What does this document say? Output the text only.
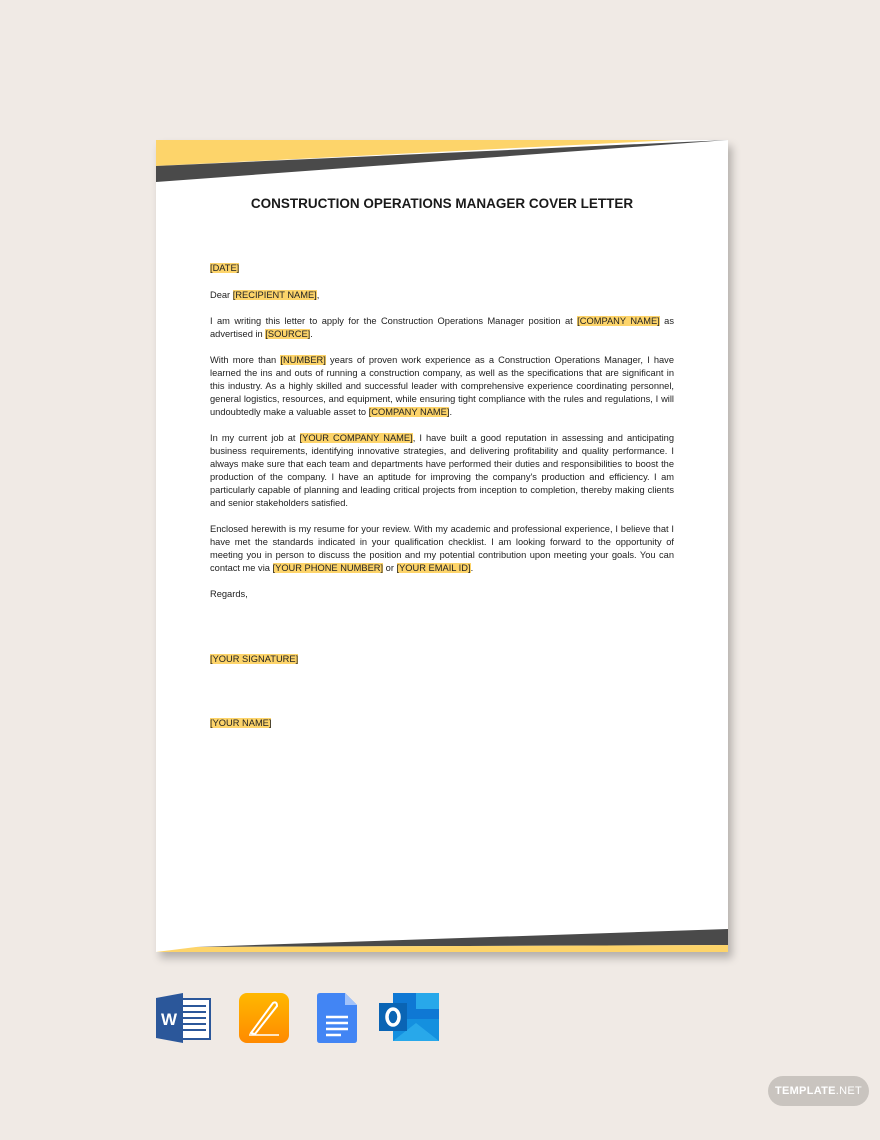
CONSTRUCTION OPERATIONS MANAGER COVER LETTER

[DATE]

Dear [RECIPIENT NAME],

I am writing this letter to apply for the Construction Operations Manager position at [COMPANY NAME] as advertised in [SOURCE].

With more than [NUMBER] years of proven work experience as a Construction Operations Manager, I have learned the ins and outs of running a construction company, as well as the specifications that are significant in this industry. As a highly skilled and successful leader with comprehensive experience coordinating personnel, general logistics, resources, and equipment, while ensuring tight compliance with the rules and regulations, I will undoubtedly make a valuable asset to [COMPANY NAME].

In my current job at [YOUR COMPANY NAME], I have built a good reputation in assessing and anticipating business requirements, identifying innovative strategies, and delivering profitability and quality performance. I always make sure that each team and departments have performed their duties and responsibilities to boost the production of the company. I have an aptitude for improving the company's production and efficiency. I am particularly capable of planning and leading critical projects from inception to completion, thereby making clients and senior stakeholders satisfied.

Enclosed herewith is my resume for your review. With my academic and professional experience, I believe that I have met the standards indicated in your qualification checklist. I am looking forward to the opportunity of meeting you in person to discuss the position and my potential contribution upon meeting your goals. You can contact me via [YOUR PHONE NUMBER] or [YOUR EMAIL ID].

Regards,

[YOUR SIGNATURE]

[YOUR NAME]

W
TEMPLATE.NET
